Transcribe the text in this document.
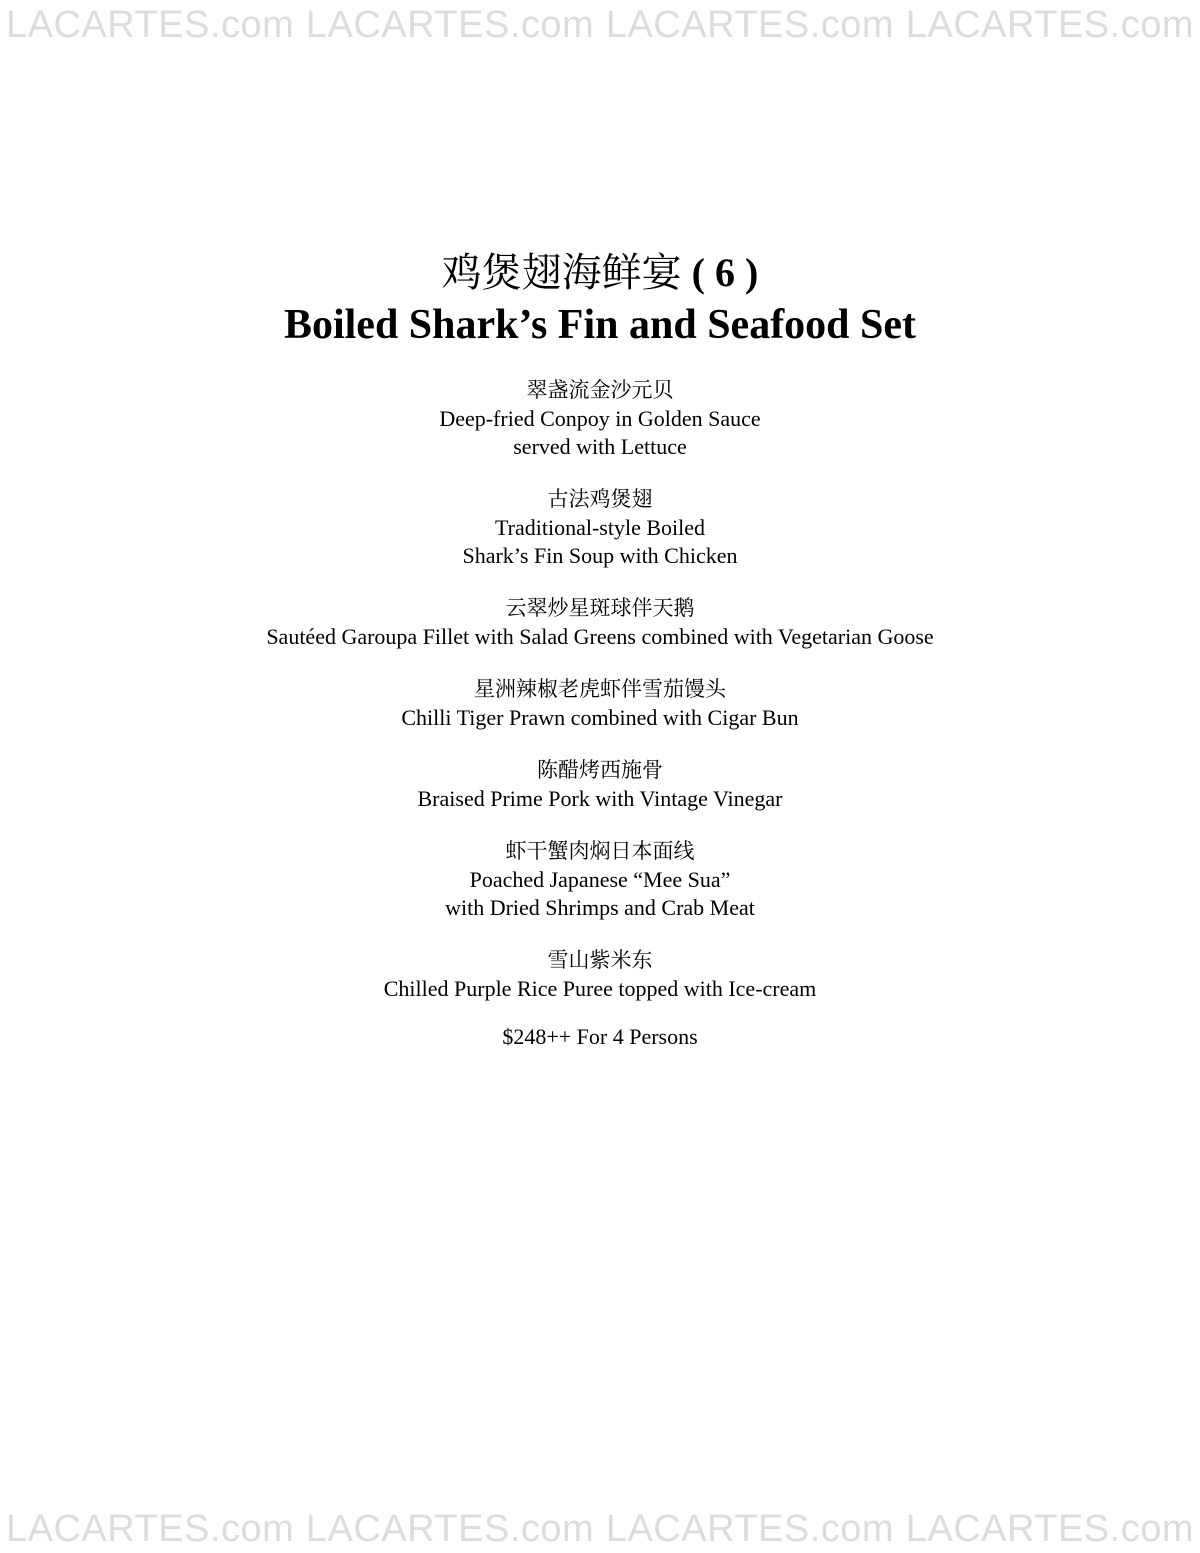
LACARTES.com LACARTES.com LACARTES.com LACARTES.com
鸡煲翅海鲜宴 ( 6 )
Boiled Shark’s Fin and Seafood Set
翠盏流金沙元贝
Deep-fried Conpoy in Golden Sauce
served with Lettuce
古法鸡煲翅
Traditional-style Boiled
Shark’s Fin Soup with Chicken
云翠炒星斑球伴天鹅
Sautéed Garoupa Fillet with Salad Greens combined with Vegetarian Goose
星洲辣椒老虎虾伴雪茄馒头
Chilli Tiger Prawn combined with Cigar Bun
陈醋烤西施骨
Braised Prime Pork with Vintage Vinegar
虾干蟹肉焖日本面线
Poached Japanese “Mee Sua”
with Dried Shrimps and Crab Meat
雪山紫米东
Chilled Purple Rice Puree topped with Ice-cream
$248++ For 4 Persons
LACARTES.com LACARTES.com LACARTES.com LACARTES.com
